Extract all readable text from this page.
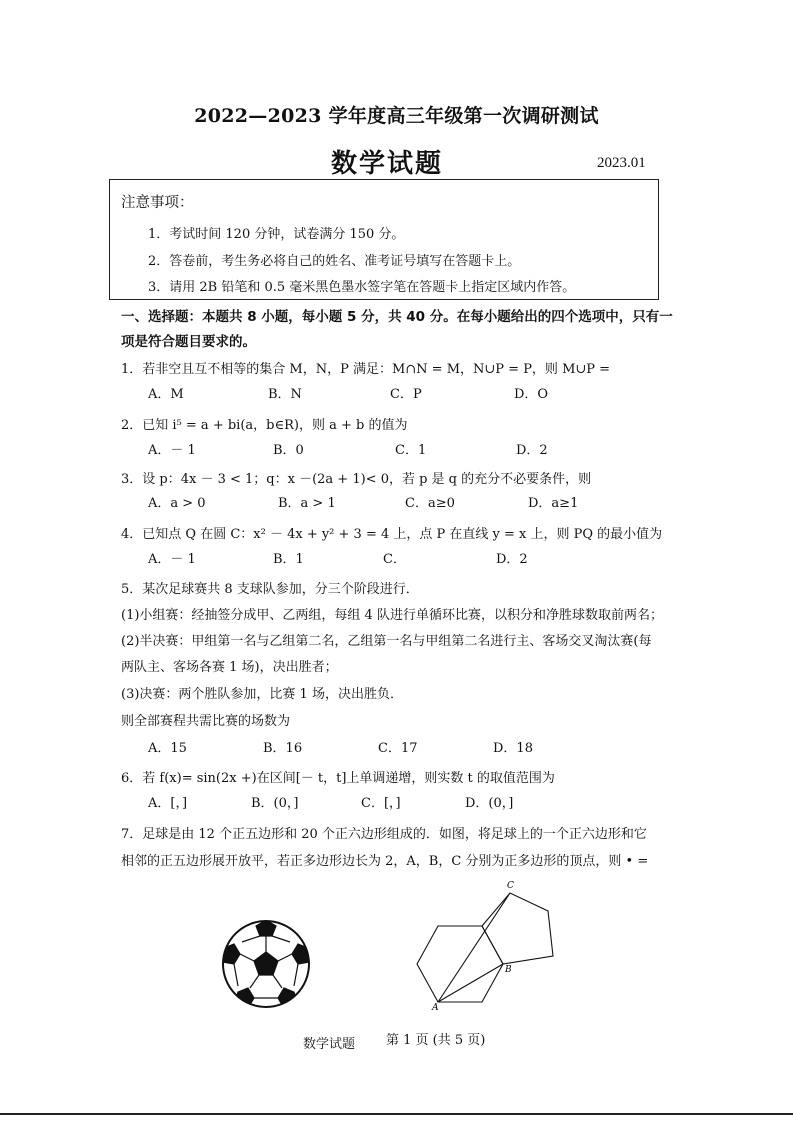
2022—2023 学年度高三年级第一次调研测试
数学试题	2023.01
注意事项：
1．考试时间 120 分钟，试卷满分 150 分。
2．答卷前，考生务必将自己的姓名、准考证号填写在答题卡上。
3．请用 2B 铅笔和 0.5 毫米黑色墨水签字笔在答题卡上指定区域内作答。
一、选择题：本题共 8 小题，每小题 5 分，共 40 分。在每小题给出的四个选项中，只有一
项是符合题目要求的。
1．若非空且互不相等的集合 M，N，P 满足：M∩N = M，N∪P = P，则 M∪P =
A．M	B．N	C．P	D．O
2．已知 i⁵ = a + bi(a，b∈R)，则 a + b 的值为
A．－ 1	B．0	C．1	D．2
3．设 p：4x － 3 < 1；q：x －(2a + 1)< 0，若 p 是 q 的充分不必要条件，则
A．a > 0	B．a > 1	C．a≥0	D．a≥1
4．已知点 Q 在圆 C：x² － 4x + y² + 3 = 4 上，点 P 在直线 y = x 上，则 PQ 的最小值为
A．－ 1	B．1	C．	D．2
5．某次足球赛共 8 支球队参加，分三个阶段进行．
(1)小组赛：经抽签分成甲、乙两组，每组 4 队进行单循环比赛，以积分和净胜球数取前两名；
(2)半决赛：甲组第一名与乙组第二名，乙组第一名与甲组第二名进行主、客场交叉淘汰赛(每
两队主、客场各赛 1 场)，决出胜者；
(3)决赛：两个胜队参加，比赛 1 场，决出胜负．
则全部赛程共需比赛的场数为
A．15	B．16	C．17	D．18
6．若 f(x)= sin(2x +)在区间[－ t，t]上单调递增，则实数 t 的取值范围为
A．[，]	B．(0，]	C．[，]	D．(0，]
7．足球是由 12 个正五边形和 20 个正六边形组成的．如图，将足球上的一个正六边形和它
相邻的正五边形展开放平，若正多边形边长为 2，A，B，C 分别为正多边形的顶点，则 • =
A
B
C
数学试题 第 1 页 (共 5 页)
